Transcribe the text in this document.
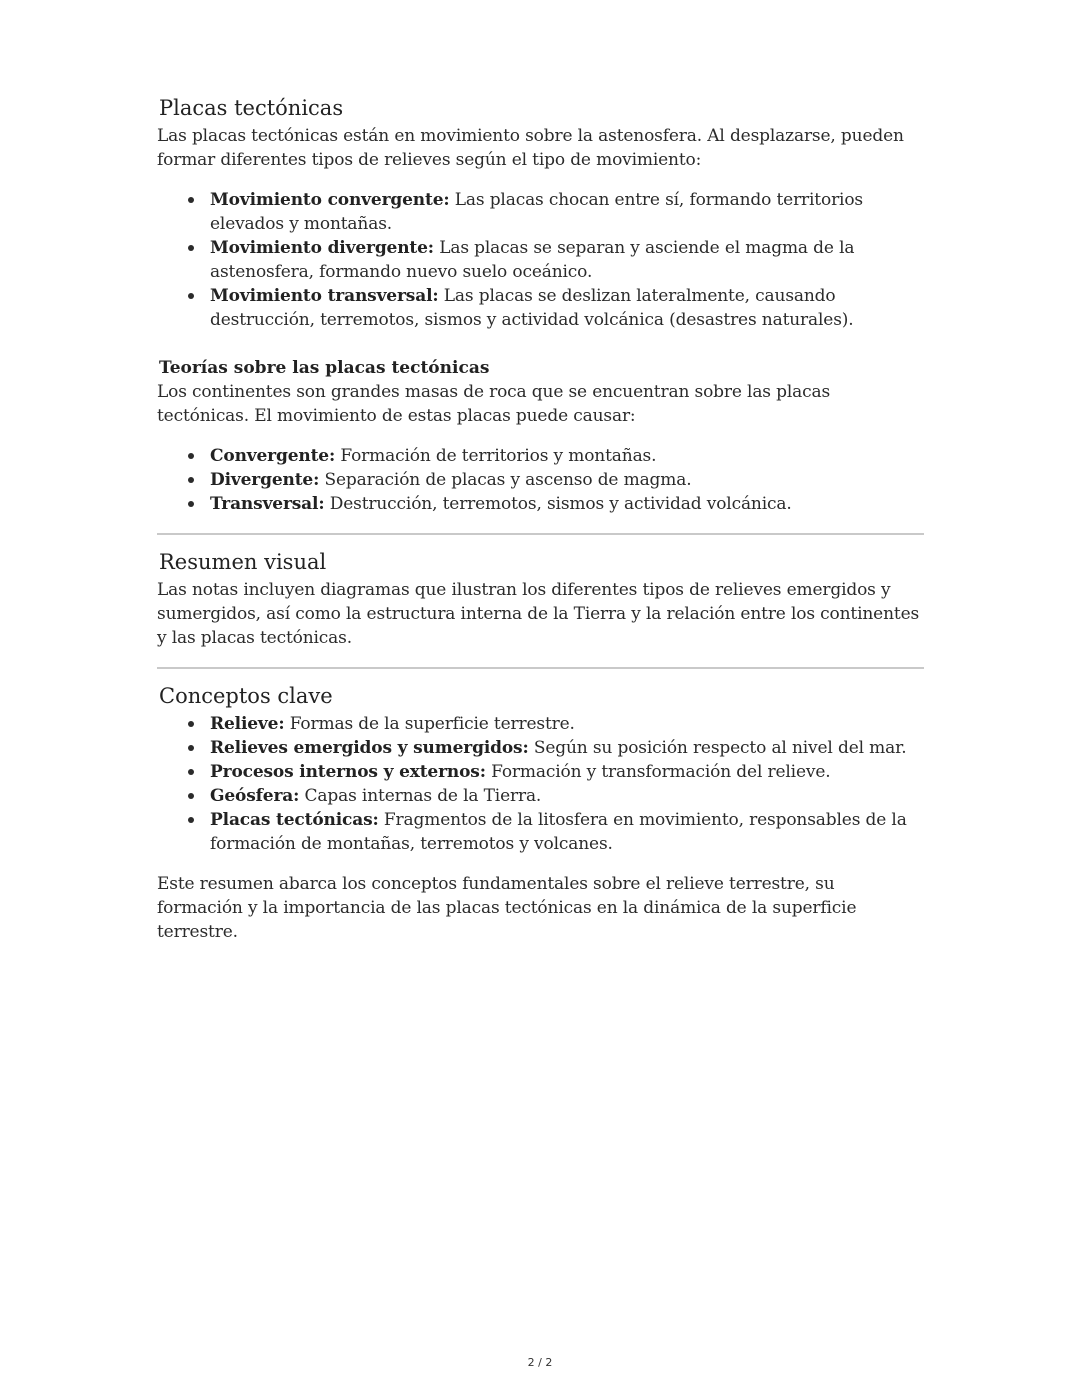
Placas tectónicas

Las placas tectónicas están en movimiento sobre la astenosfera. Al desplazarse, pueden formar diferentes tipos de relieves según el tipo de movimiento:

Movimiento convergente: Las placas chocan entre sí, formando territorios elevados y montañas.
Movimiento divergente: Las placas se separan y asciende el magma de la astenosfera, formando nuevo suelo oceánico.
Movimiento transversal: Las placas se deslizan lateralmente, causando destrucción, terremotos, sismos y actividad volcánica (desastres naturales).
Teorías sobre las placas tectónicas

Los continentes son grandes masas de roca que se encuentran sobre las placas tectónicas. El movimiento de estas placas puede causar:

Convergente: Formación de territorios y montañas.
Divergente: Separación de placas y ascenso de magma.
Transversal: Destrucción, terremotos, sismos y actividad volcánica.
Resumen visual

Las notas incluyen diagramas que ilustran los diferentes tipos de relieves emergidos y sumergidos, así como la estructura interna de la Tierra y la relación entre los continentes y las placas tectónicas.

Conceptos clave
Relieve: Formas de la superficie terrestre.
Relieves emergidos y sumergidos: Según su posición respecto al nivel del mar.
Procesos internos y externos: Formación y transformación del relieve.
Geósfera: Capas internas de la Tierra.
Placas tectónicas: Fragmentos de la litosfera en movimiento, responsables de la formación de montañas, terremotos y volcanes.

Este resumen abarca los conceptos fundamentales sobre el relieve terrestre, su formación y la importancia de las placas tectónicas en la dinámica de la superficie terrestre.

2 / 2
